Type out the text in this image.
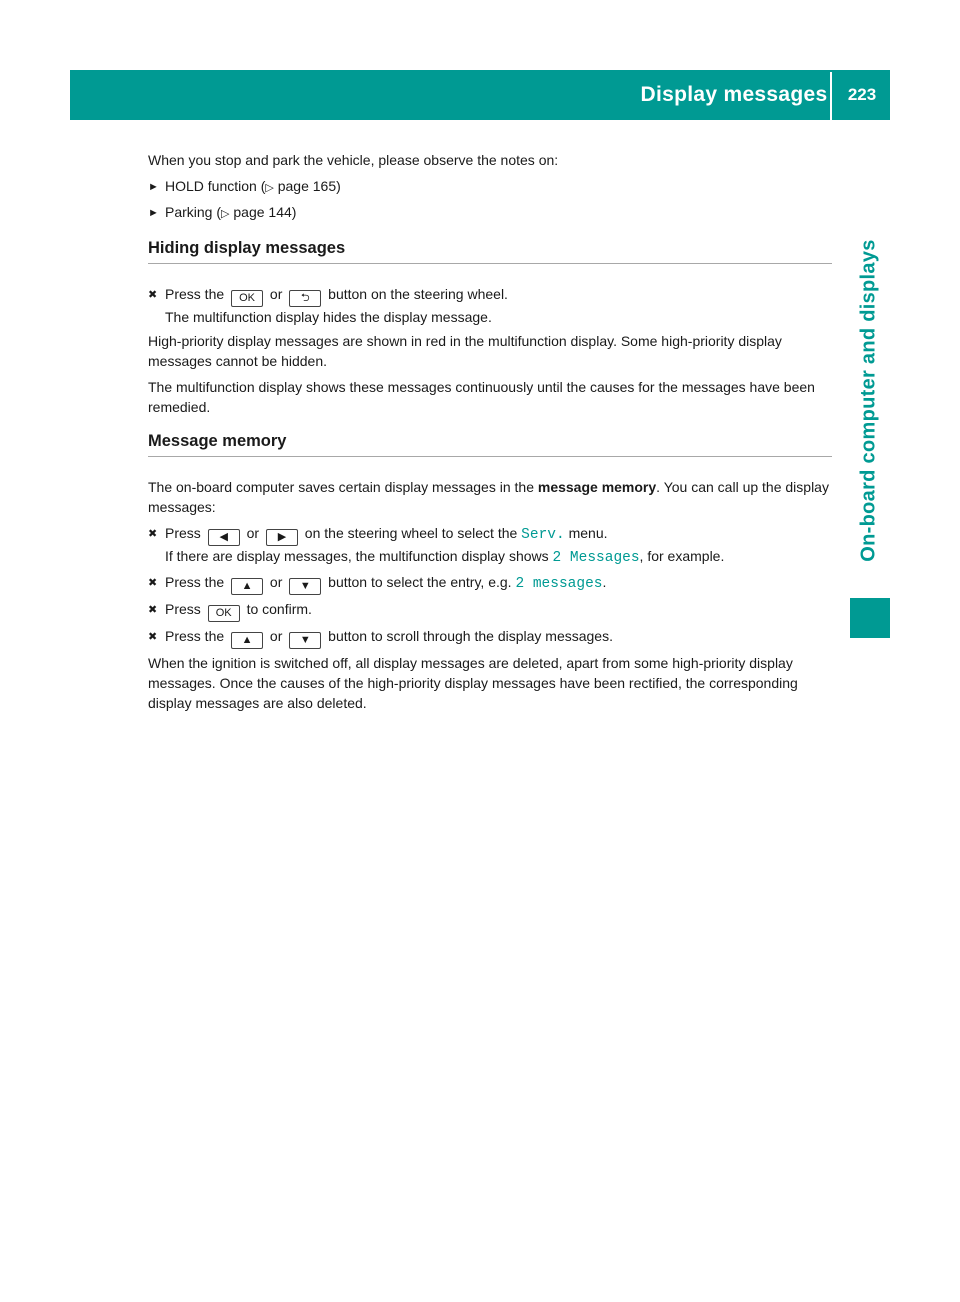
Display messages	223
On-board computer and displays

When you stop and park the vehicle, please observe the notes on:

► HOLD function (▷ page 165)
► Parking (▷ page 144)
Hiding display messages
✖ Press the OK or ⮌ button on the steering wheel.
The multifunction display hides the display message.

High-priority display messages are shown in red in the multifunction display. Some high-priority display messages cannot be hidden.

The multifunction display shows these messages continuously until the causes for the messages have been remedied.

Message memory

The on-board computer saves certain display messages in the message memory. You can call up the display messages:

✖ Press ◀ or ▶ on the steering wheel to select the Serv. menu.
If there are display messages, the multifunction display shows 2 Messages, for example.
✖ Press the ▲ or ▼ button to select the entry, e.g. 2 messages.
✖ Press OK to confirm.
✖ Press the ▲ or ▼ button to scroll through the display messages.

When the ignition is switched off, all display messages are deleted, apart from some high-priority display messages. Once the causes of the high-priority display messages have been rectified, the corresponding display messages are also deleted.
